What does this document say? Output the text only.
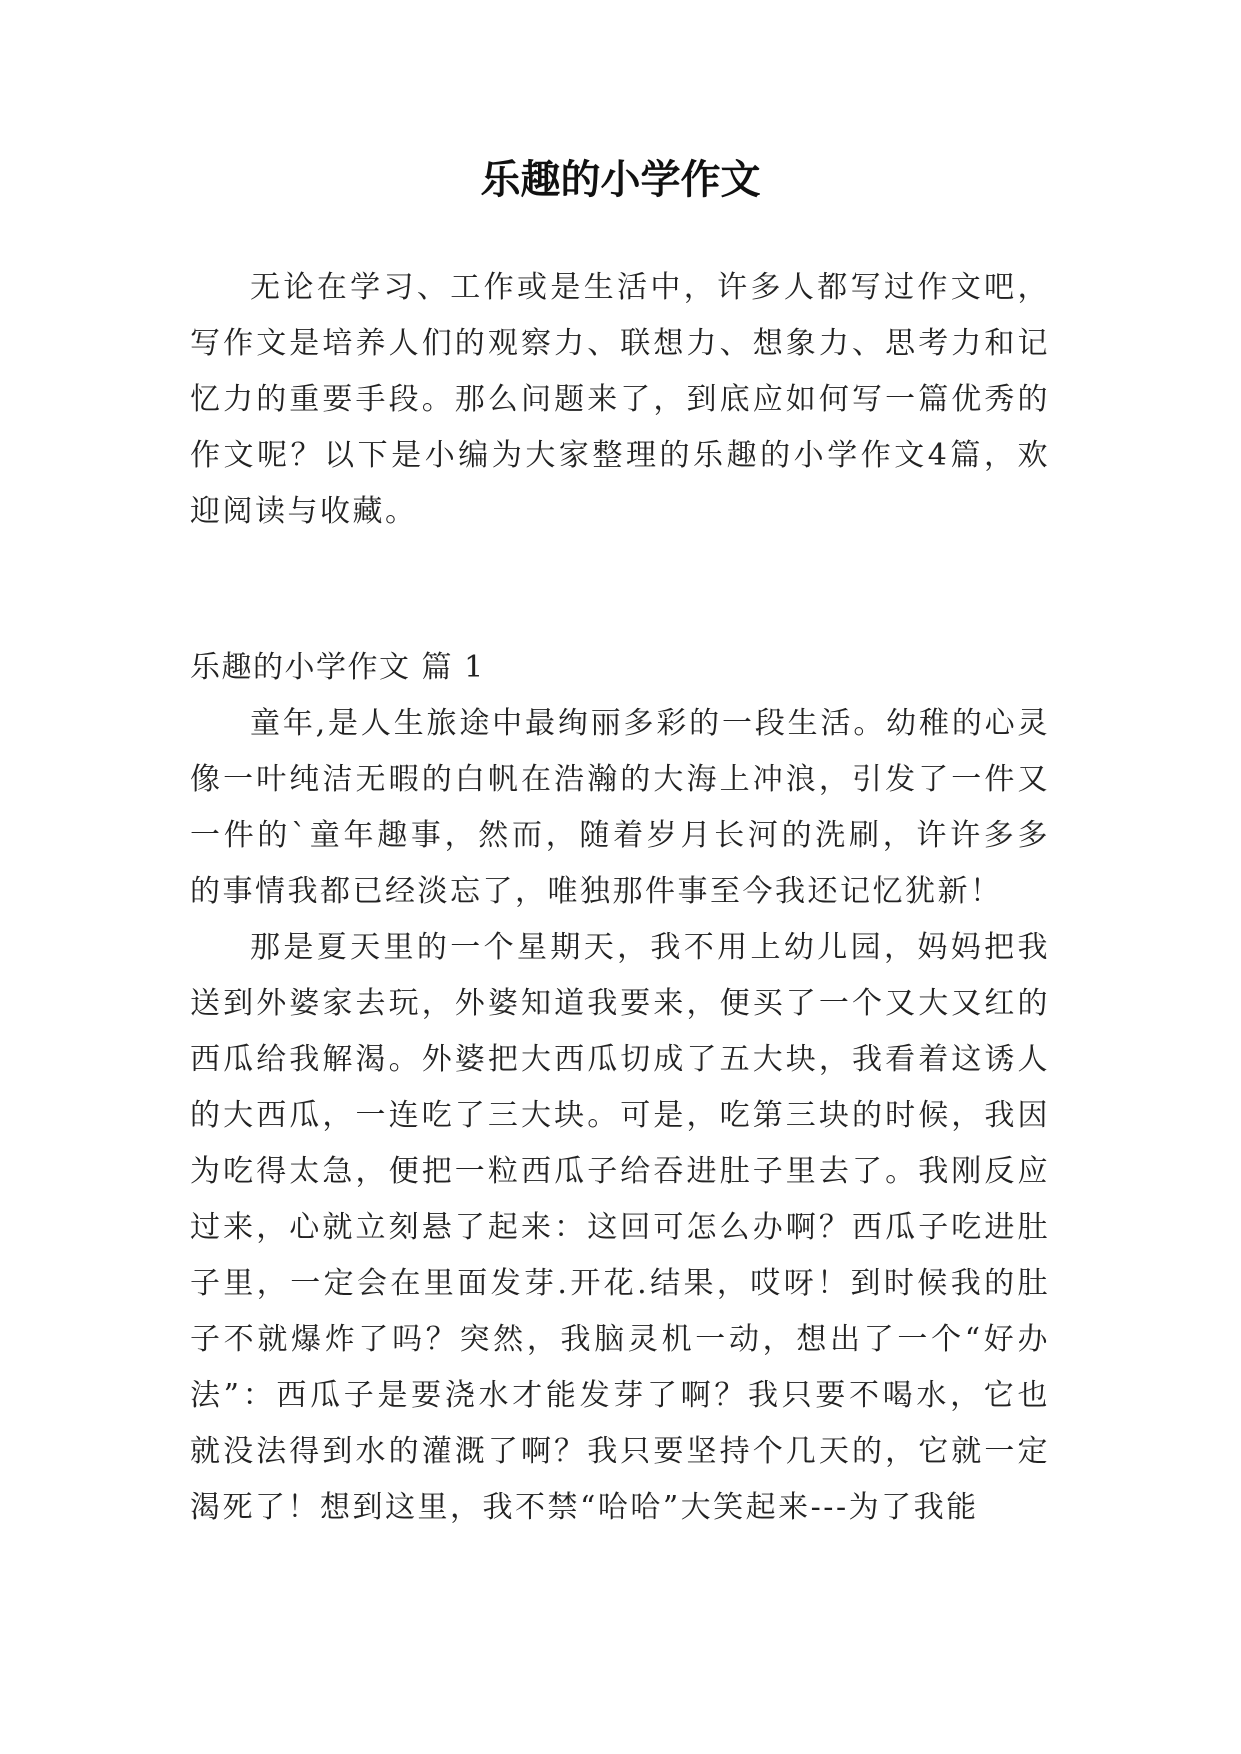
乐趣的小学作文

无论在学习、工作或是生活中，许多人都写过作文吧，写作文是培养人们的观察力、联想力、想象力、思考力和记忆力的重要手段。那么问题来了，到底应如何写一篇优秀的作文呢？以下是小编为大家整理的乐趣的小学作文4篇，欢迎阅读与收藏。

乐趣的小学作文 篇 1

童年,是人生旅途中最绚丽多彩的一段生活。幼稚的心灵像一叶纯洁无暇的白帆在浩瀚的大海上冲浪，引发了一件又一件的`童年趣事，然而，随着岁月长河的洗刷，许许多多的事情我都已经淡忘了，唯独那件事至今我还记忆犹新！

那是夏天里的一个星期天，我不用上幼儿园，妈妈把我送到外婆家去玩，外婆知道我要来，便买了一个又大又红的西瓜给我解渴。外婆把大西瓜切成了五大块，我看着这诱人的大西瓜，一连吃了三大块。可是，吃第三块的时候，我因为吃得太急，便把一粒西瓜子给吞进肚子里去了。我刚反应过来，心就立刻悬了起来：这回可怎么办啊？西瓜子吃进肚子里，一定会在里面发芽.开花.结果，哎呀！到时候我的肚子不就爆炸了吗？突然，我脑灵机一动，想出了一个“好办法”：西瓜子是要浇水才能发芽了啊？我只要不喝水，它也就没法得到水的灌溉了啊？我只要坚持个几天的，它就一定渴死了！想到这里，我不禁“哈哈”大笑起来---为了我能
